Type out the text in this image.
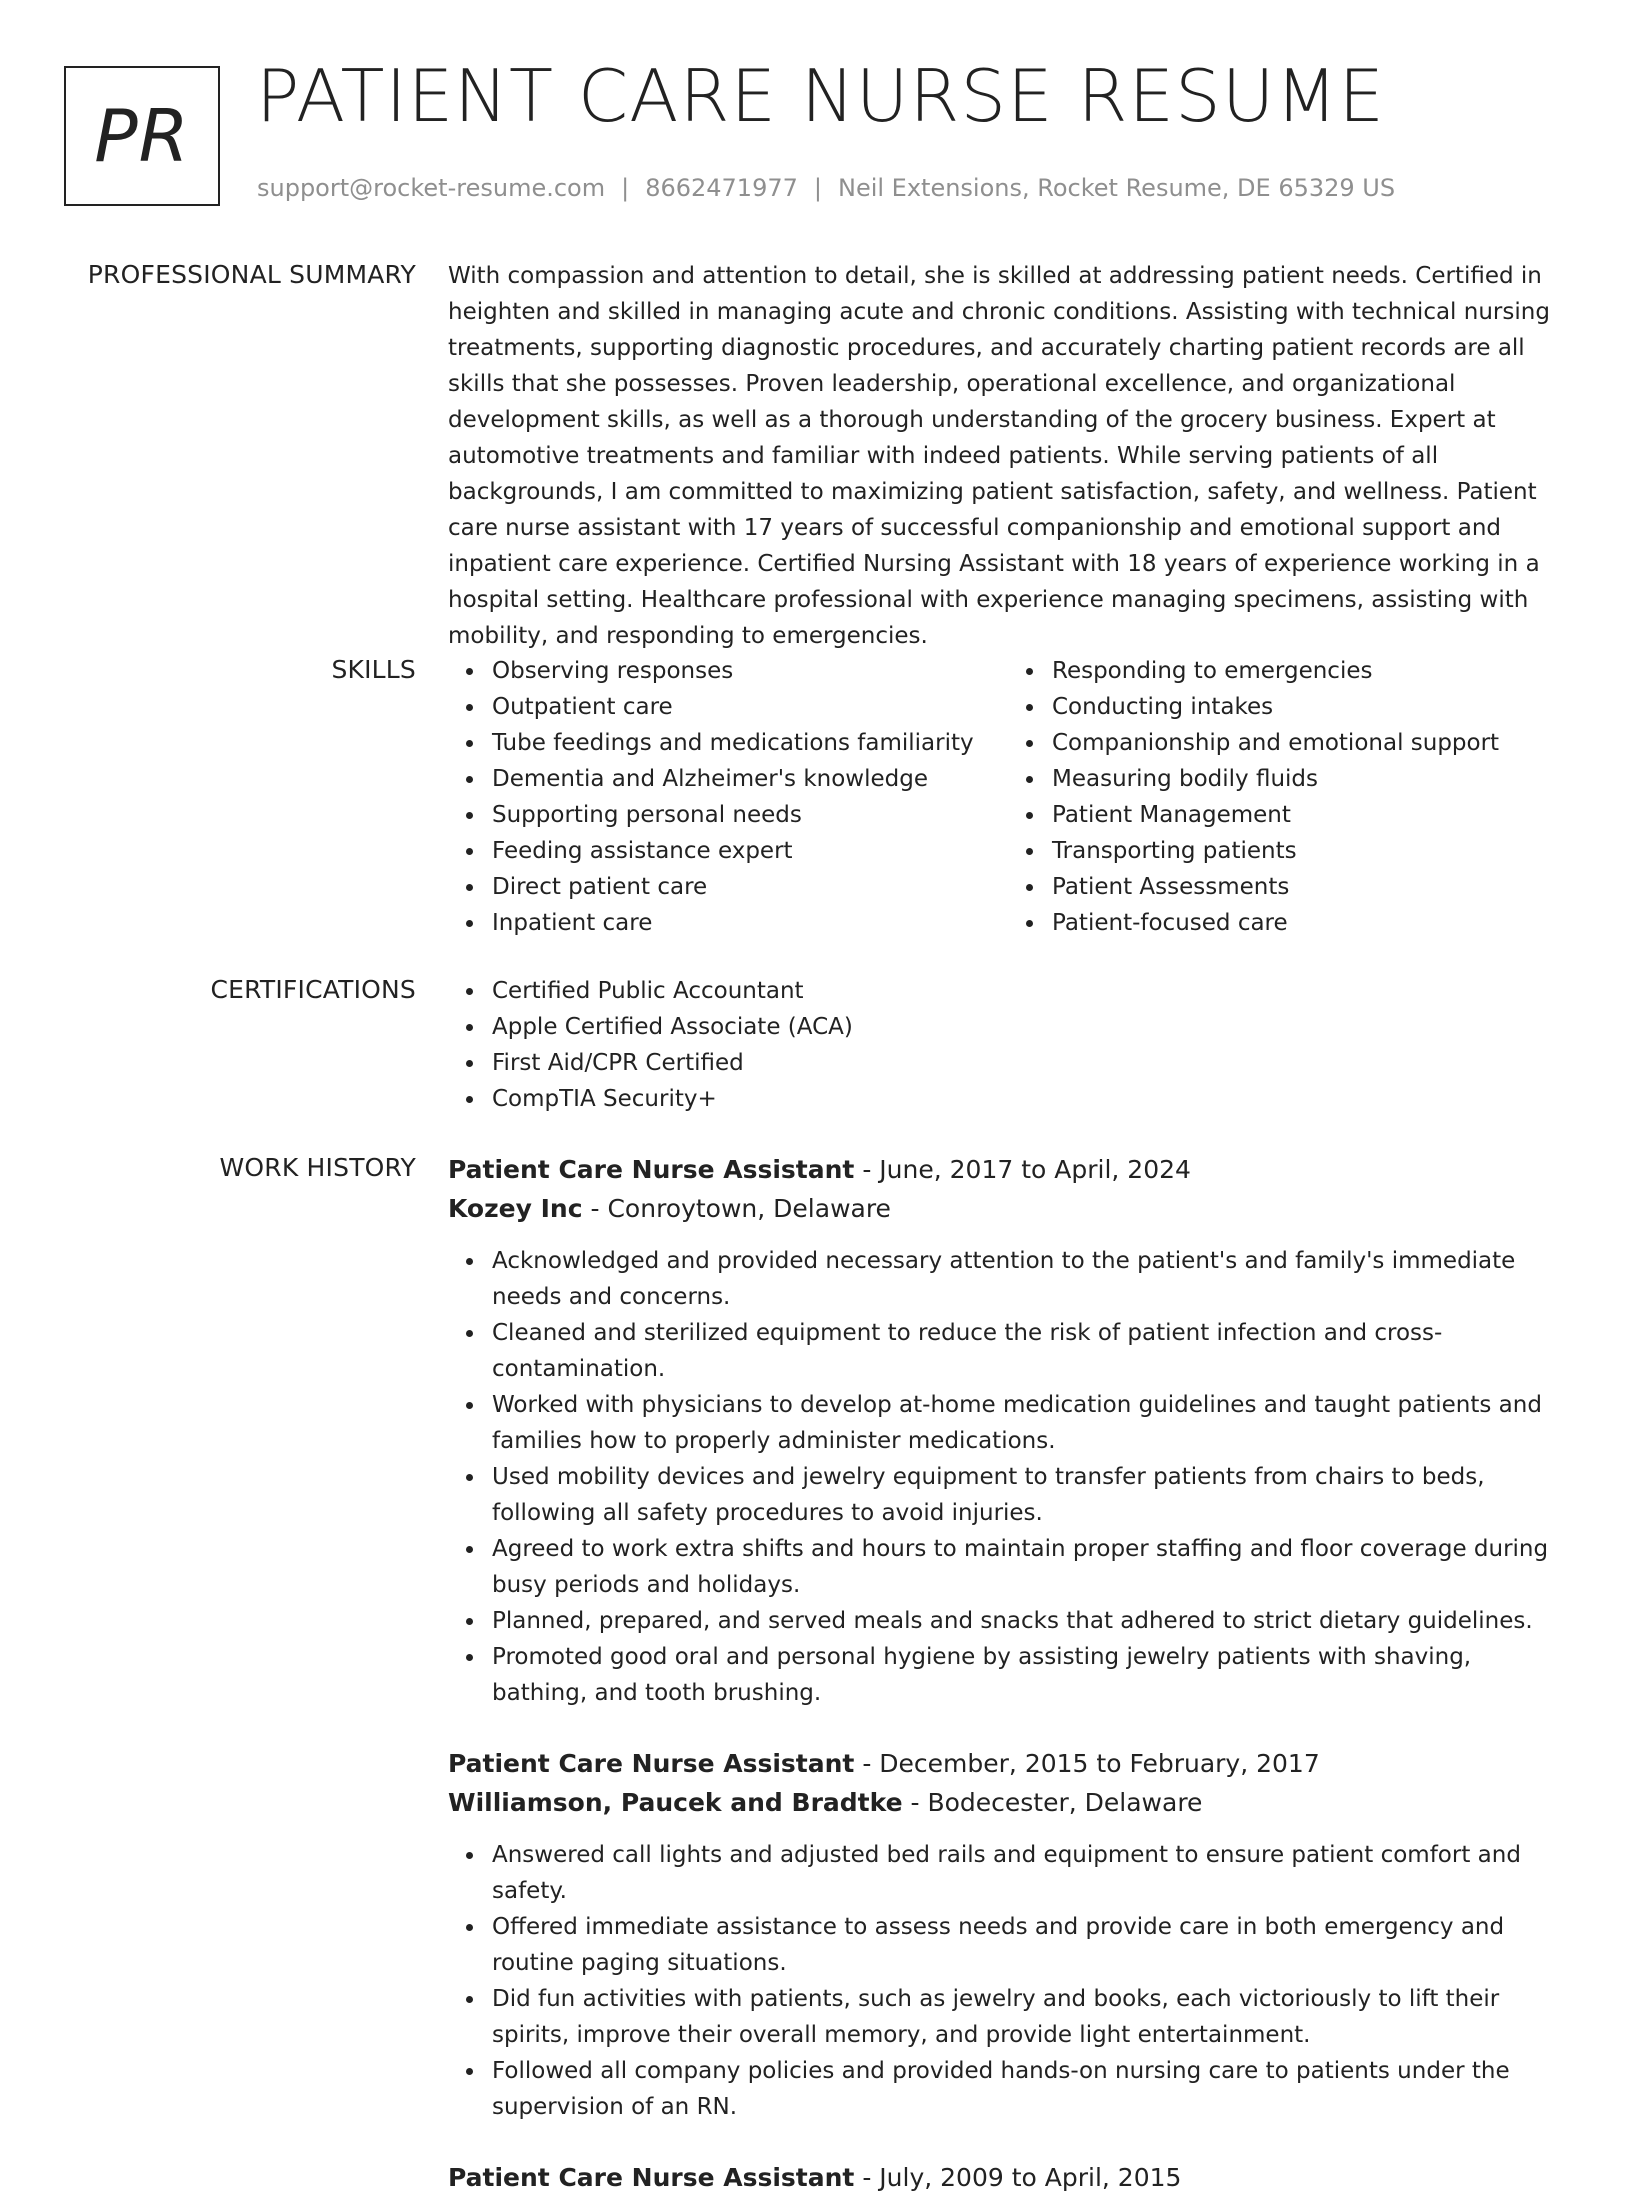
PR PATIENT CARE NURSE RESUME
support@rocket-resume.com | 8662471977 | Neil Extensions, Rocket Resume, DE 65329 US
PROFESSIONAL SUMMARY With compassion and attention to detail, she is skilled at addressing patient needs. Certified in heighten and skilled in managing acute and chronic conditions. Assisting with technical nursing treatments, supporting diagnostic procedures, and accurately charting patient records are all skills that she possesses. Proven leadership, operational excellence, and organizational development skills, as well as a thorough understanding of the grocery business. Expert at automotive treatments and familiar with indeed patients. While serving patients of all backgrounds, I am committed to maximizing patient satisfaction, safety, and wellness. Patient care nurse assistant with 17 years of successful companionship and emotional support and inpatient care experience. Certified Nursing Assistant with 18 years of experience working in a hospital setting. Healthcare professional with experience managing specimens, assisting with mobility, and responding to emergencies.

SKILLS	Observing responses
Outpatient care
Tube feedings and medications familiarity
Dementia and Alzheimer's knowledge
Supporting personal needs
Feeding assistance expert
Direct patient care
Inpatient care
Responding to emergencies
Conducting intakes
Companionship and emotional support
Measuring bodily fluids
Patient Management
Transporting patients
Patient Assessments
Patient-focused care
CERTIFICATIONS	Certified Public Accountant
Apple Certified Associate (ACA)
First Aid/CPR Certified
CompTIA Security+
WORK HISTORY Patient Care Nurse Assistant - June, 2017 to April, 2024
Kozey Inc - Conroytown, Delaware
Acknowledged and provided necessary attention to the patient's and family's immediate needs and concerns.
Cleaned and sterilized equipment to reduce the risk of patient infection and cross-contamination.
Worked with physicians to develop at-home medication guidelines and taught patients and families how to properly administer medications.
Used mobility devices and jewelry equipment to transfer patients from chairs to beds, following all safety procedures to avoid injuries.
Agreed to work extra shifts and hours to maintain proper staffing and floor coverage during busy periods and holidays.
Planned, prepared, and served meals and snacks that adhered to strict dietary guidelines.
Promoted good oral and personal hygiene by assisting jewelry patients with shaving, bathing, and tooth brushing.
Patient Care Nurse Assistant - December, 2015 to February, 2017
Williamson, Paucek and Bradtke - Bodecester, Delaware
Answered call lights and adjusted bed rails and equipment to ensure patient comfort and safety.
Offered immediate assistance to assess needs and provide care in both emergency and routine paging situations.
Did fun activities with patients, such as jewelry and books, each victoriously to lift their spirits, improve their overall memory, and provide light entertainment.
Followed all company policies and provided hands-on nursing care to patients under the supervision of an RN.
Patient Care Nurse Assistant - July, 2009 to April, 2015
